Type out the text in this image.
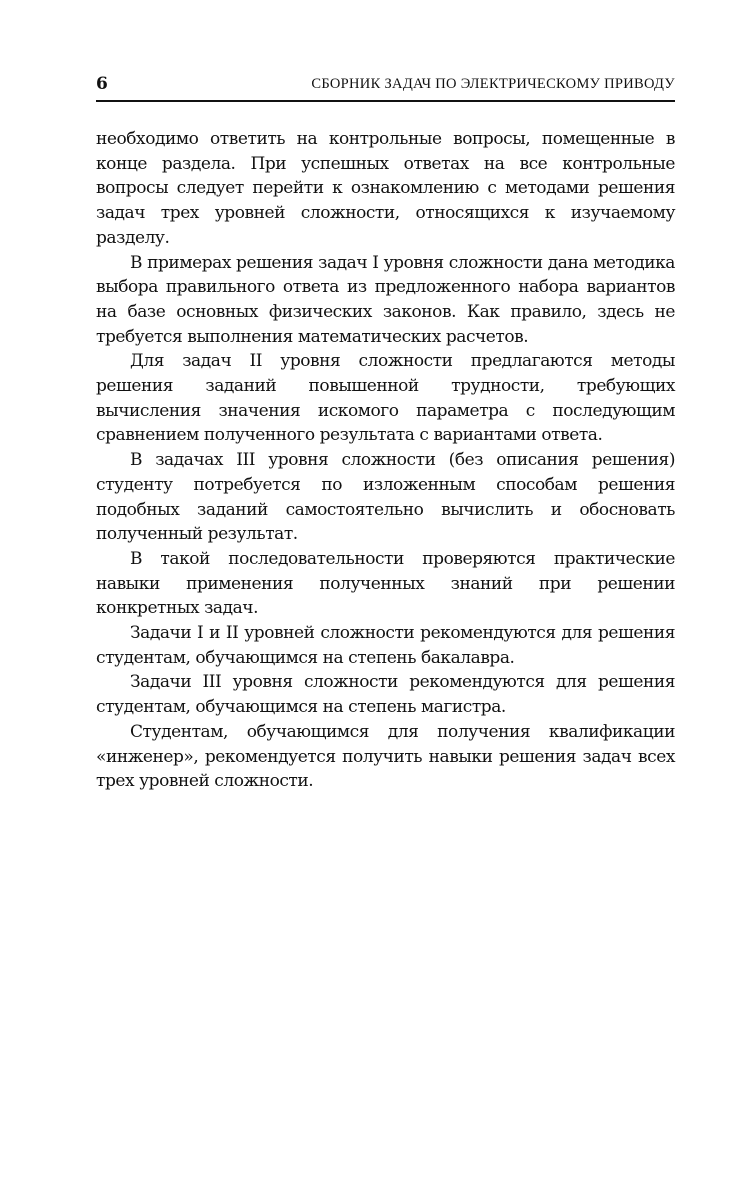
6	СБОРНИК ЗАДАЧ ПО ЭЛЕКТРИЧЕСКОМУ ПРИВОДУ

необходимо ответить на контрольные вопросы, помещенные в конце раздела. При успешных ответах на все контрольные вопросы следует перейти к ознакомлению с методами решения задач трех уровней сложности, относящихся к изучаемому разделу.

В примерах решения задач I уровня сложности дана методика выбора правильного ответа из предложенного набора вариантов на базе основных физических законов. Как правило, здесь не требуется выполнения математических расчетов.

Для задач II уровня сложности предлагаются методы решения заданий повышенной трудности, требующих вычисления значения искомого параметра с последующим сравнением полученного результата с вариантами ответа.

В задачах III уровня сложности (без описания решения) студенту потребуется по изложенным способам решения подобных заданий самостоятельно вычислить и обосновать полученный результат.

В такой последовательности проверяются практические навыки применения полученных знаний при решении конкретных задач.

Задачи I и II уровней сложности рекомендуются для решения студентам, обучающимся на степень бакалавра.

Задачи III уровня сложности рекомендуются для решения студентам, обучающимся на степень магистра.

Студентам, обучающимся для получения квалификации «инженер», рекомендуется получить навыки решения задач всех трех уровней сложности.
